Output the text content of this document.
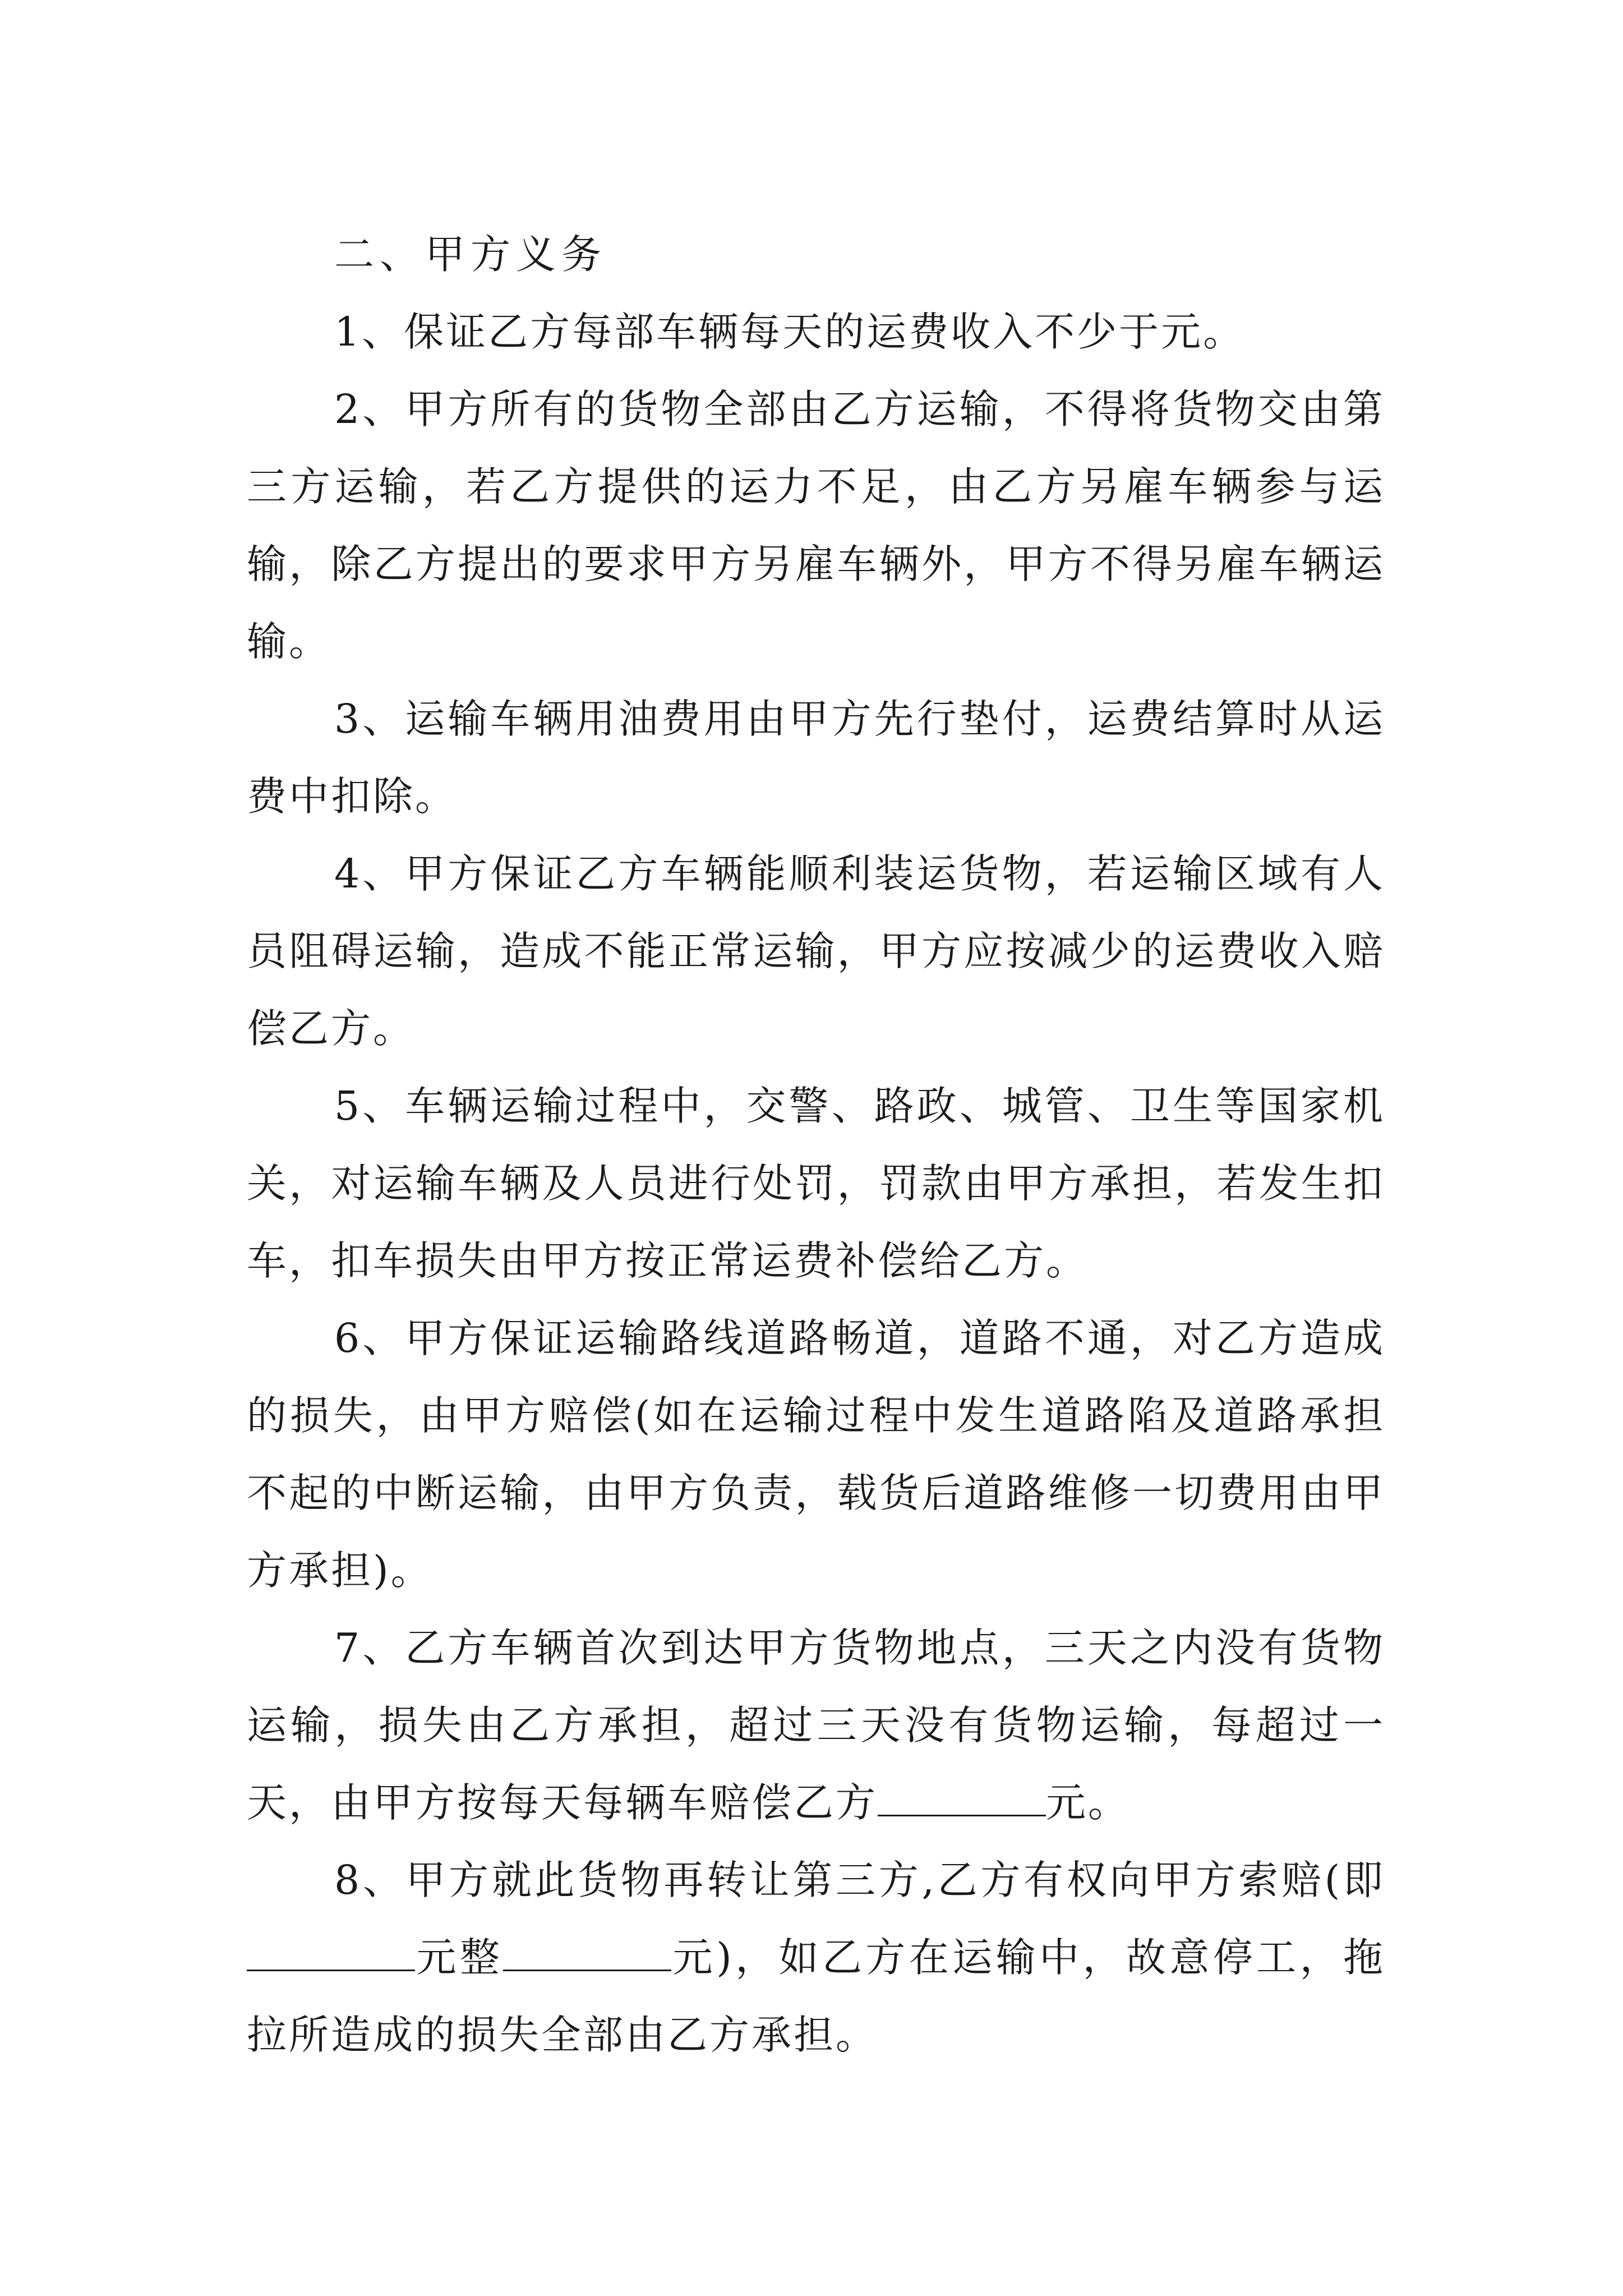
二、甲方义务

1、保证乙方每部车辆每天的运费收入不少于元。

2、甲方所有的货物全部由乙方运输，不得将货物交由第三方运输，若乙方提供的运力不足，由乙方另雇车辆参与运输，除乙方提出的要求甲方另雇车辆外，甲方不得另雇车辆运输。

3、运输车辆用油费用由甲方先行垫付，运费结算时从运费中扣除。

4、甲方保证乙方车辆能顺利装运货物，若运输区域有人员阻碍运输，造成不能正常运输，甲方应按减少的运费收入赔偿乙方。

5、车辆运输过程中，交警、路政、城管、卫生等国家机关，对运输车辆及人员进行处罚，罚款由甲方承担，若发生扣车，扣车损失由甲方按正常运费补偿给乙方。

6、甲方保证运输路线道路畅道，道路不通，对乙方造成的损失，由甲方赔偿(如在运输过程中发生道路陷及道路承担不起的中断运输，由甲方负责，载货后道路维修一切费用由甲方承担)。

7、乙方车辆首次到达甲方货物地点，三天之内没有货物运输，损失由乙方承担，超过三天没有货物运输，每超过一天，由甲方按每天每辆车赔偿乙方	元。

8、甲方就此货物再转让第三方,乙方有权向甲方索赔(即元整	元)，如乙方在运输中，故意停工，拖拉所造成的损失全部由乙方承担。
